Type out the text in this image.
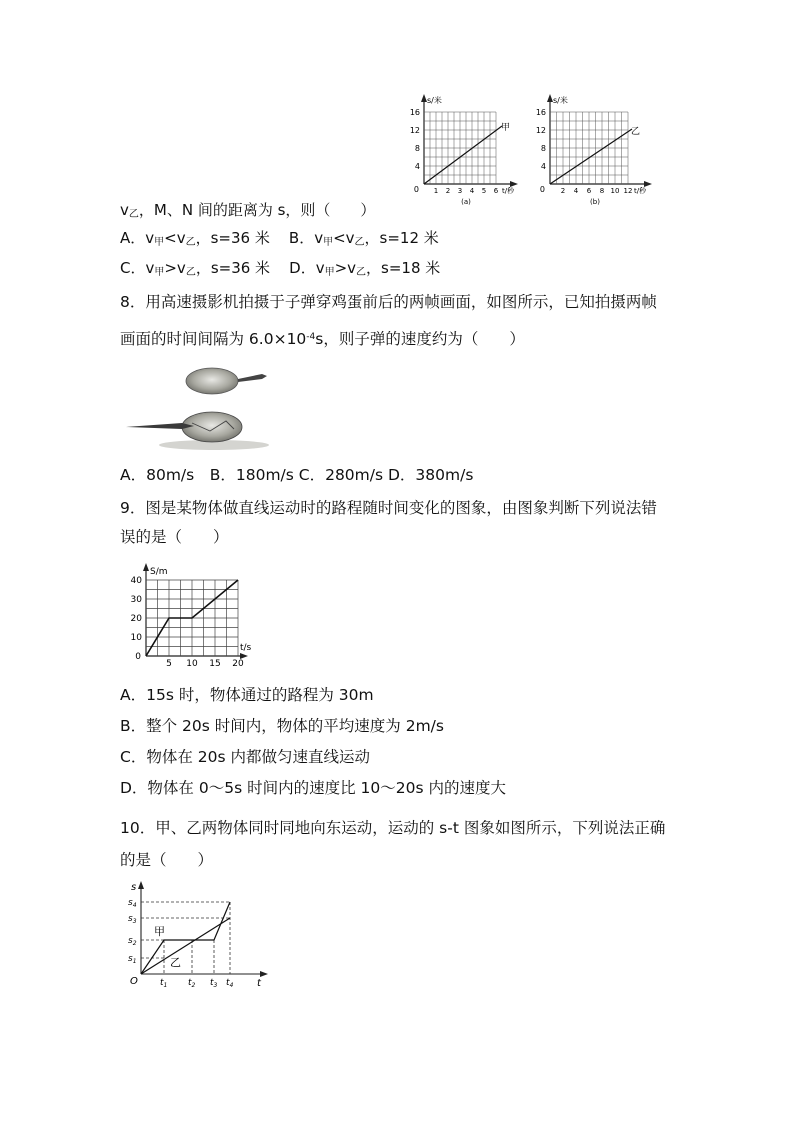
甲
s/米
16
12
8
4
0 1 2 3 4 5 6 t/秒
(a)
乙
s/米
16
12
8
4
0 2 4 6 8 10 12 t/秒
(b)
$v_乙$，M、N 间的距离为 s，则（　　）
A．$v_甲<v_乙$，s=36 米 B．$v_甲<v_乙$，s=12 米
C．$v_甲>v_乙$，s=36 米 D．$v_甲>v_乙$，s=18 米
8．用高速摄影机拍摄于子弹穿鸡蛋前后的两帧画面，如图所示，已知拍摄两帧
画面的时间间隔为 $6.0\times 10^{-4}s$，则子弹的速度约为（　　）
A．80m/s　B．180m/s C．280m/s D．380m/s
9．图是某物体做直线运动时的路程随时间变化的图象，由图象判断下列说法错
误的是（　　）
S/m
40
30
20
10
0
5 10 15 20
t/s
A．15s 时，物体通过的路程为 30m
B．整个 20s 时间内，物体的平均速度为 2m/s
C．物体在 20s 内都做匀速直线运动
D．物体在 0～5s 时间内的速度比 10～20s 内的速度大
10．甲、乙两物体同时同地向东运动，运动的 s-t 图象如图所示，下列说法正确
的是（　　）
甲
乙
s
$s_4$
$s_3$
$s_2$
$s_1$
O $t_1$ $t_2$ $t_3$ $t_4$ t
